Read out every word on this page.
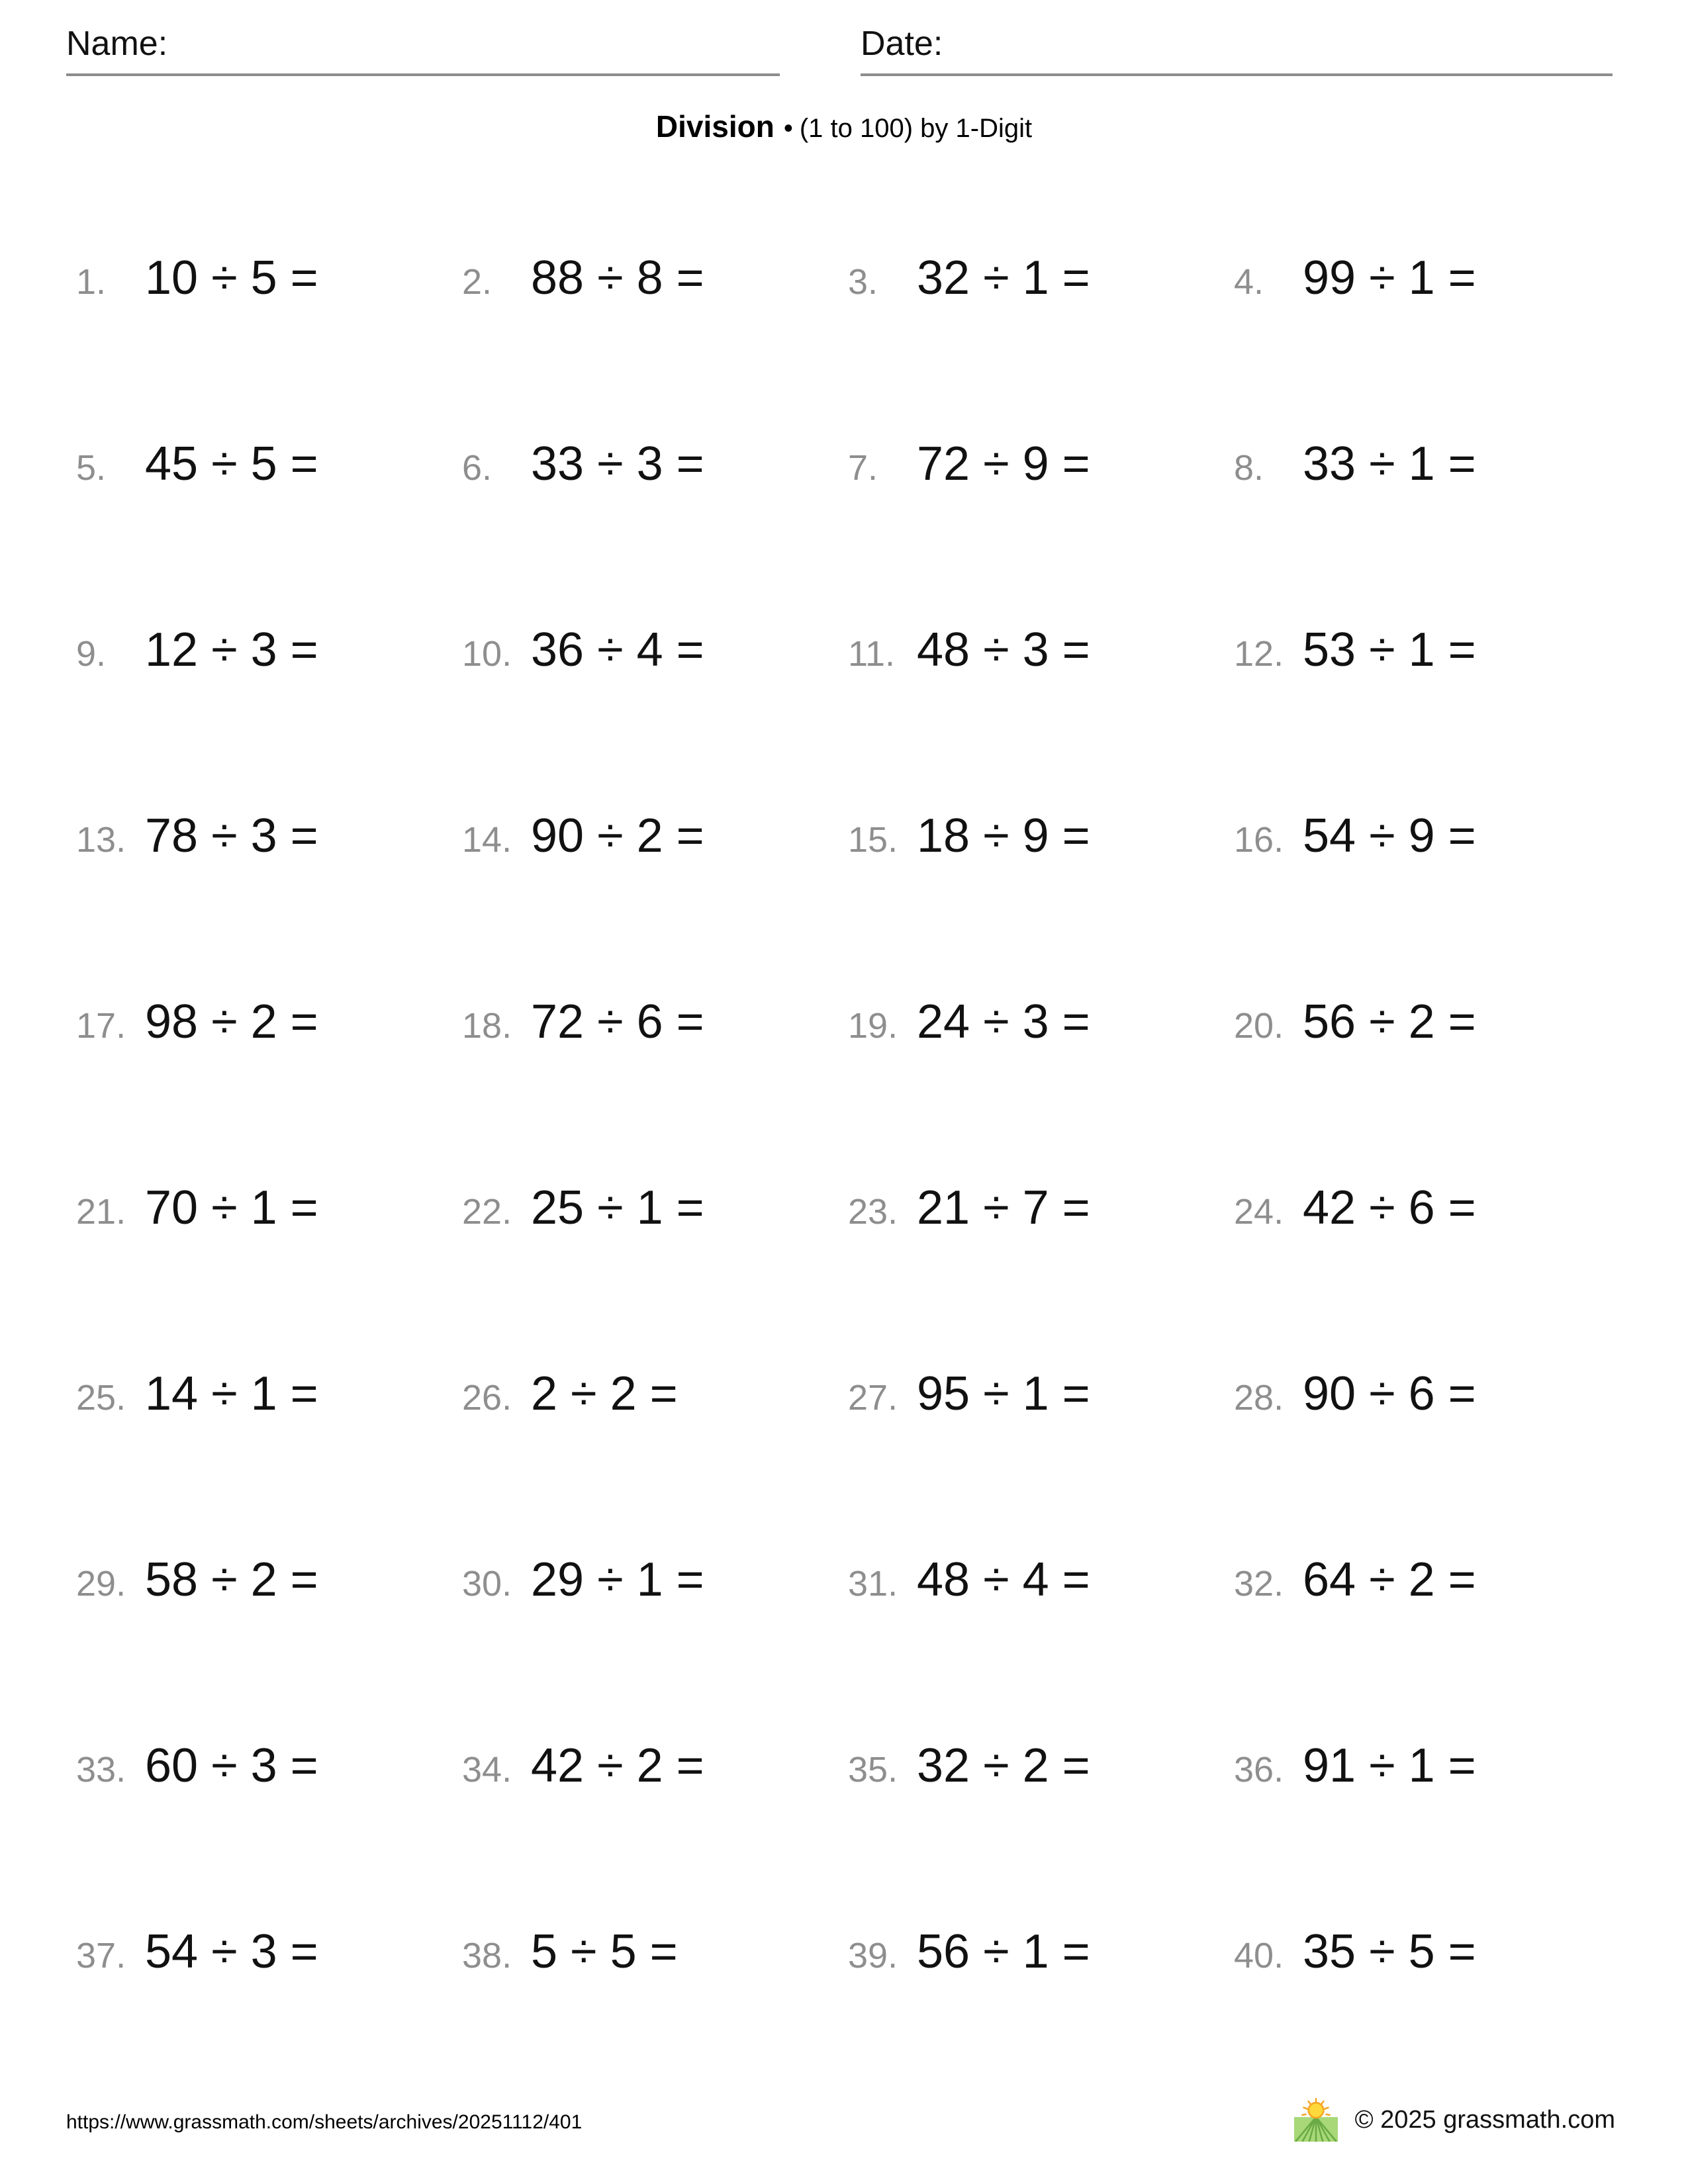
Name:	Date:
Division • (1 to 100) by 1-Digit
1. 10 ÷ 5 =	2. 88 ÷ 8 =	3. 32 ÷ 1 =	4. 99 ÷ 1 =
5. 45 ÷ 5 =	6. 33 ÷ 3 =	7. 72 ÷ 9 =	8. 33 ÷ 1 =
9. 12 ÷ 3 =	10. 36 ÷ 4 =	11. 48 ÷ 3 =	12. 53 ÷ 1 =
13. 78 ÷ 3 =	14. 90 ÷ 2 =	15. 18 ÷ 9 =	16. 54 ÷ 9 =
17. 98 ÷ 2 =	18. 72 ÷ 6 =	19. 24 ÷ 3 =	20. 56 ÷ 2 =
21. 70 ÷ 1 =	22. 25 ÷ 1 =	23. 21 ÷ 7 =	24. 42 ÷ 6 =
25. 14 ÷ 1 =	26. 2 ÷ 2 =	27. 95 ÷ 1 =	28. 90 ÷ 6 =
29. 58 ÷ 2 =	30. 29 ÷ 1 =	31. 48 ÷ 4 =	32. 64 ÷ 2 =
33. 60 ÷ 3 =	34. 42 ÷ 2 =	35. 32 ÷ 2 =	36. 91 ÷ 1 =
37. 54 ÷ 3 =	38. 5 ÷ 5 =	39. 56 ÷ 1 =	40. 35 ÷ 5 =
https://www.grassmath.com/sheets/archives/20251112/401	© 2025 grassmath.com
